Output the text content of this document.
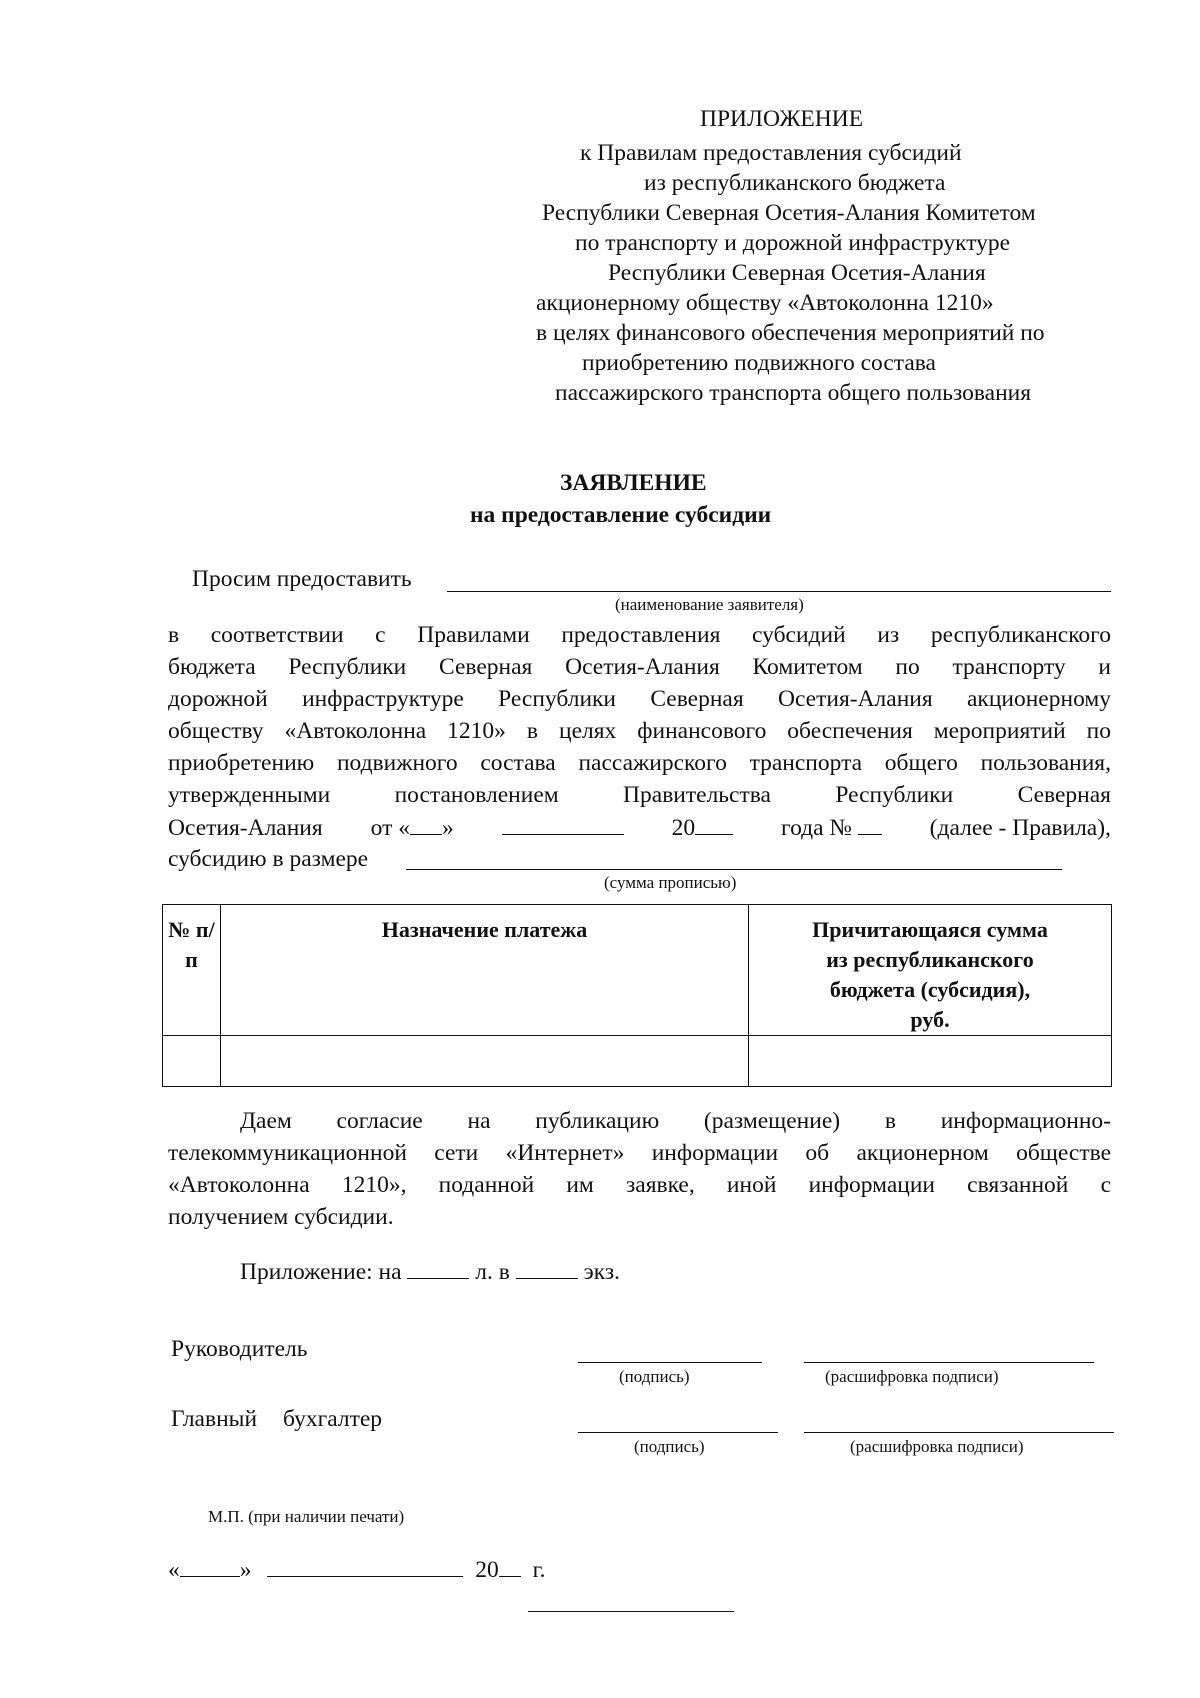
ПРИЛОЖЕНИЕ
к Правилам предоставления субсидий
из республиканского бюджета
Республики Северная Осетия-Алания Комитетом
по транспорту и дорожной инфраструктуре
Республики Северная Осетия-Алания
акционерному обществу «Автоколонна 1210»
в целях финансового обеспечения мероприятий по
приобретению подвижного состава
пассажирского транспорта общего пользования
ЗАЯВЛЕНИЕ
на предоставление субсидии
Просим предоставить
(наименование заявителя)
в соответствии с Правилами предоставления субсидий из республиканского
бюджета Республики Северная Осетия-Алания Комитетом по транспорту и
дорожной инфраструктуре Республики Северная Осетия-Алания акционерному
обществу «Автоколонна 1210» в целях финансового обеспечения мероприятий по
приобретению подвижного состава пассажирского транспорта общего пользования,
утвержденными постановлением Правительства Республики Северная
Осетия-Алания от « »	20	года №	(далее - Правила),
субсидию в размере
(сумма прописью)
№ п/п	Назначение платежа	Причитающаяся сумма из республиканского бюджета (субсидия), руб.

Даем согласие на публикацию (размещение) в информационно-
телекоммуникационной сети «Интернет» информации об акционерном обществе
«Автоколонна 1210», поданной им заявке, иной информации связанной с
получением субсидии.
Приложение: на	л. в	экз.
Руководитель
(подпись)	(расшифровка подписи)
Главный бухгалтер
(подпись)	(расшифровка подписи)
М.П. (при наличии печати)
«	»	20 г.
